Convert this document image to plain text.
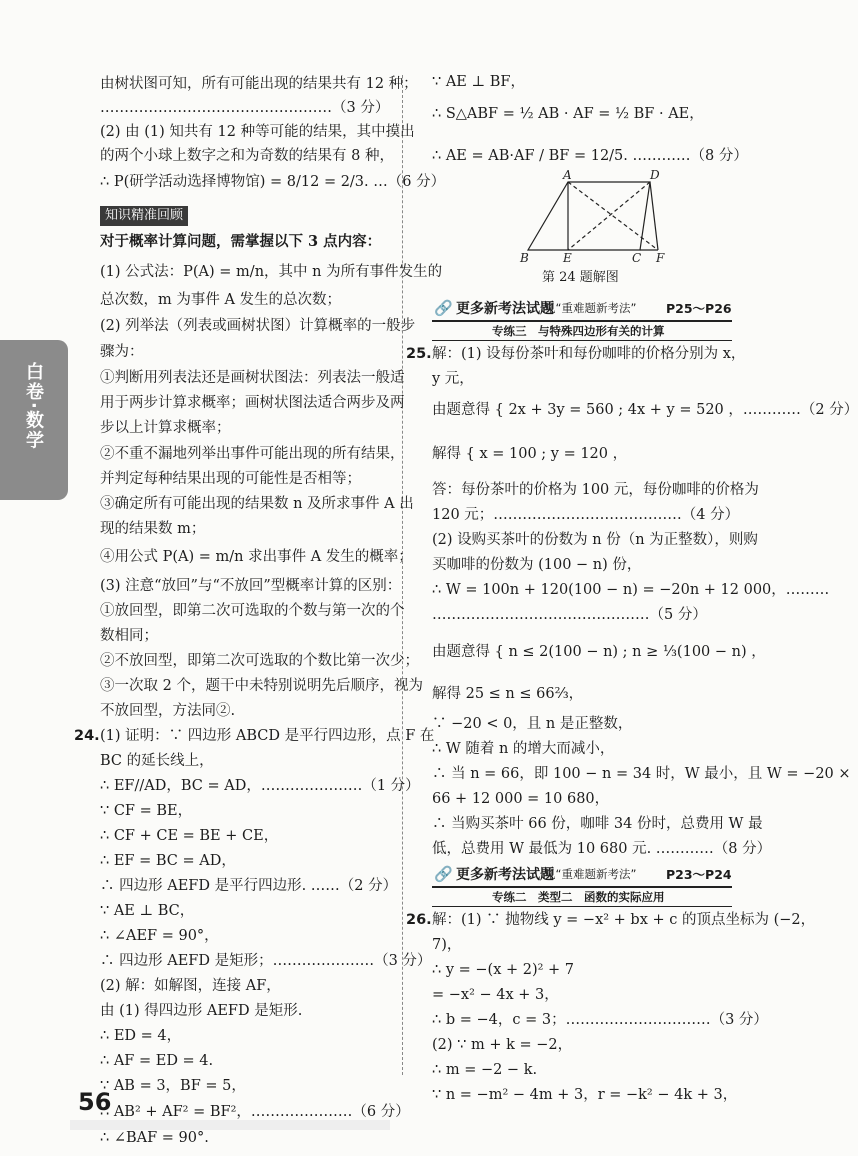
白卷·数学
由树状图可知，所有可能出现的结果共有 12 种；
…………………………………………（3 分）
(2) 由 (1) 知共有 12 种等可能的结果，其中摸出
的两个小球上数字之和为奇数的结果有 8 种，
∴ P(研学活动选择博物馆) = 8/12 = 2/3. …（6 分）
知识精准回顾
对于概率计算问题，需掌握以下 3 点内容：
(1) 公式法：P(A) = m/n，其中 n 为所有事件发生的
总次数，m 为事件 A 发生的总次数；
(2) 列举法（列表或画树状图）计算概率的一般步
骤为：
①判断用列表法还是画树状图法：列表法一般适
用于两步计算求概率；画树状图法适合两步及两
步以上计算求概率；
②不重不漏地列举出事件可能出现的所有结果，
并判定每种结果出现的可能性是否相等；
③确定所有可能出现的结果数 n 及所求事件 A 出
现的结果数 m；
④用公式 P(A) = m/n 求出事件 A 发生的概率；
(3) 注意“放回”与“不放回”型概率计算的区别：
①放回型，即第二次可选取的个数与第一次的个
数相同；
②不放回型，即第二次可选取的个数比第一次少；
③一次取 2 个，题干中未特别说明先后顺序，视为
不放回型，方法同②.
24. (1) 证明：∵ 四边形 ABCD 是平行四边形，点 F 在
BC 的延长线上，
∴ EF//AD，BC = AD，…………………（1 分）
∵ CF = BE，
∴ CF + CE = BE + CE，
∴ EF = BC = AD，
∴ 四边形 AEFD 是平行四边形. ……（2 分）
∵ AE ⊥ BC，
∴ ∠AEF = 90°，
∴ 四边形 AEFD 是矩形；…………………（3 分）
(2) 解：如解图，连接 AF，
由 (1) 得四边形 AEFD 是矩形.
∴ ED = 4，
∴ AF = ED = 4.
∵ AB = 3，BF = 5，
∴ AB² + AF² = BF²，…………………（6 分）
∴ ∠BAF = 90°.
∵ AE ⊥ BF，
∴ S△ABF = ½ AB · AF = ½ BF · AE，
∴ AE = AB·AF / BF = 12/5. …………（8 分）
A	D
B	E	C F
第 24 题解图
🔗 更多新考法试题
见“重难题新考法” P25～P26
专练三　与特殊四边形有关的计算
25. 解：(1) 设每份茶叶和每份咖啡的价格分别为 x，
y 元，
由题意得 { 2x + 3y = 560 ; 4x + y = 520 ，…………（2 分）
解得 { x = 100 ; y = 120 ，
答：每份茶叶的价格为 100 元，每份咖啡的价格为
120 元；…………………………………（4 分）
(2) 设购买茶叶的份数为 n 份（n 为正整数），则购
买咖啡的份数为 (100 − n) 份，
∴ W = 100n + 120(100 − n) = −20n + 12 000，………
………………………………………（5 分）
由题意得 { n ≤ 2(100 − n) ; n ≥ ⅓(100 − n) ，
解得 25 ≤ n ≤ 66⅔，
∵ −20 < 0，且 n 是正整数，
∴ W 随着 n 的增大而减小，
∴ 当 n = 66，即 100 − n = 34 时，W 最小，且 W = −20 ×
66 + 12 000 = 10 680，
∴ 当购买茶叶 66 份，咖啡 34 份时，总费用 W 最
低，总费用 W 最低为 10 680 元. …………（8 分）
🔗 更多新考法试题
见“重难题新考法” P23～P24
专练二　类型二　函数的实际应用
26. 解：(1) ∵ 抛物线 y = −x² + bx + c 的顶点坐标为 (−2，
7)，
∴ y = −(x + 2)² + 7
= −x² − 4x + 3，
∴ b = −4，c = 3；…………………………（3 分）
(2) ∵ m + k = −2，
∴ m = −2 − k.
∵ n = −m² − 4m + 3，r = −k² − 4k + 3，
56
